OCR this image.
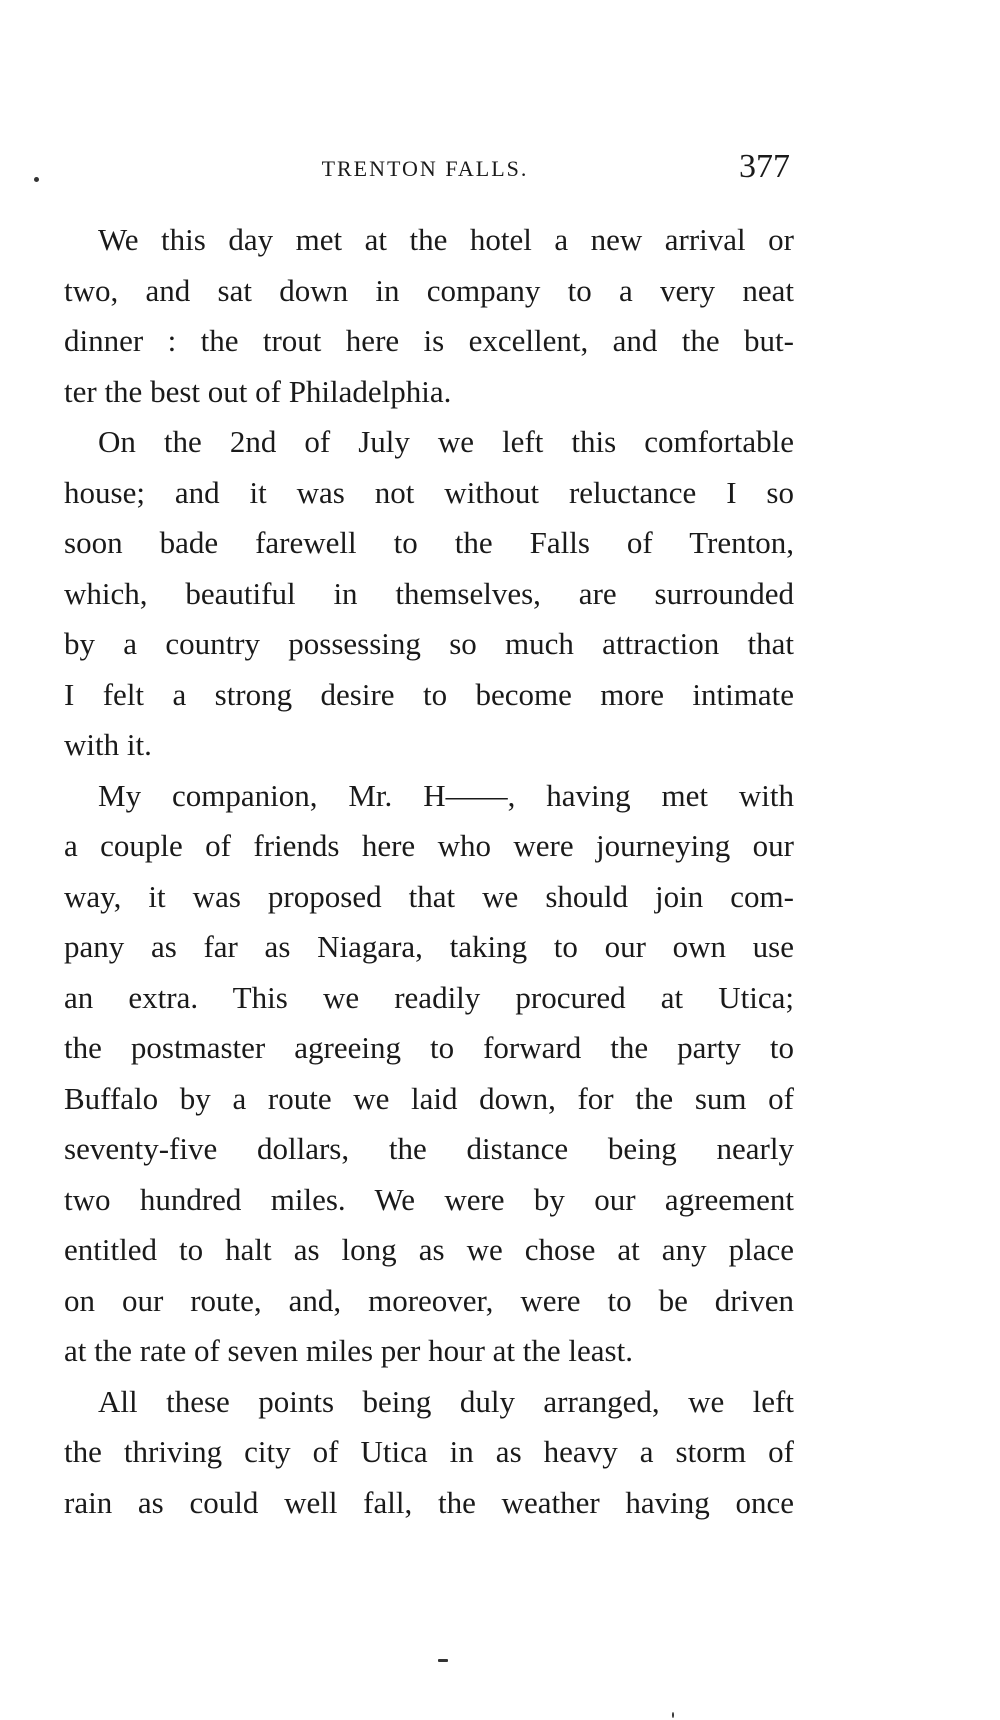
TRENTON FALLS.	377

We this day met at the hotel a new arrival or
two, and sat down in company to a very neat
dinner : the trout here is excellent, and the but-
ter the best out of Philadelphia.

On the 2nd of July we left this comfortable
house; and it was not without reluctance I so
soon bade farewell to the Falls of Trenton,
which, beautiful in themselves, are surrounded
by a country possessing so much attraction that
I felt a strong desire to become more intimate
with it.

My companion, Mr. H——, having met with
a couple of friends here who were journeying our
way, it was proposed that we should join com-
pany as far as Niagara, taking to our own use
an extra. This we readily procured at Utica;
the postmaster agreeing to forward the party to
Buffalo by a route we laid down, for the sum of
seventy-five dollars, the distance being nearly
two hundred miles. We were by our agreement
entitled to halt as long as we chose at any place
on our route, and, moreover, were to be driven
at the rate of seven miles per hour at the least.

All these points being duly arranged, we left
the thriving city of Utica in as heavy a storm of
rain as could well fall, the weather having once
